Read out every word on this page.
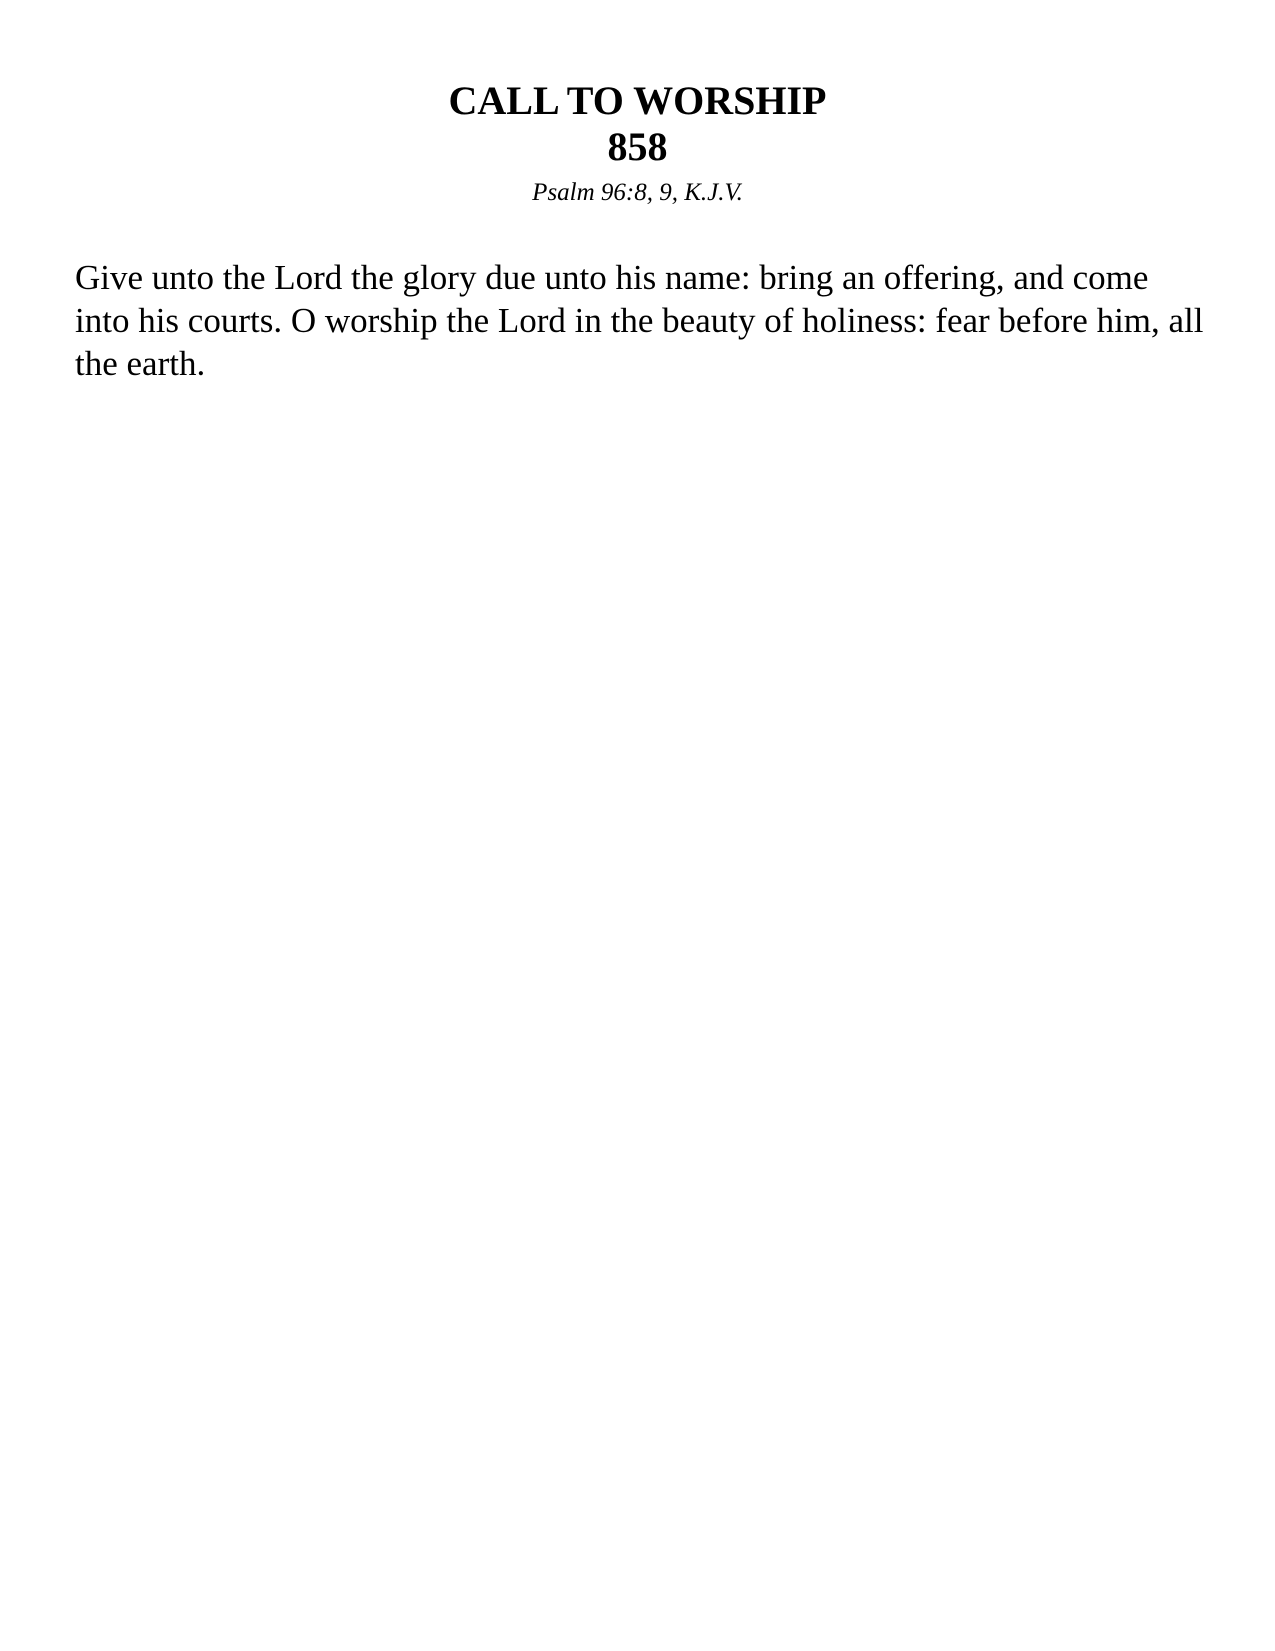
CALL TO WORSHIP
858
Psalm 96:8, 9, K.J.V.

Give unto the Lord the glory due unto his name: bring an offering, and come into his courts. O worship the Lord in the beauty of holiness: fear before him, all the earth.
